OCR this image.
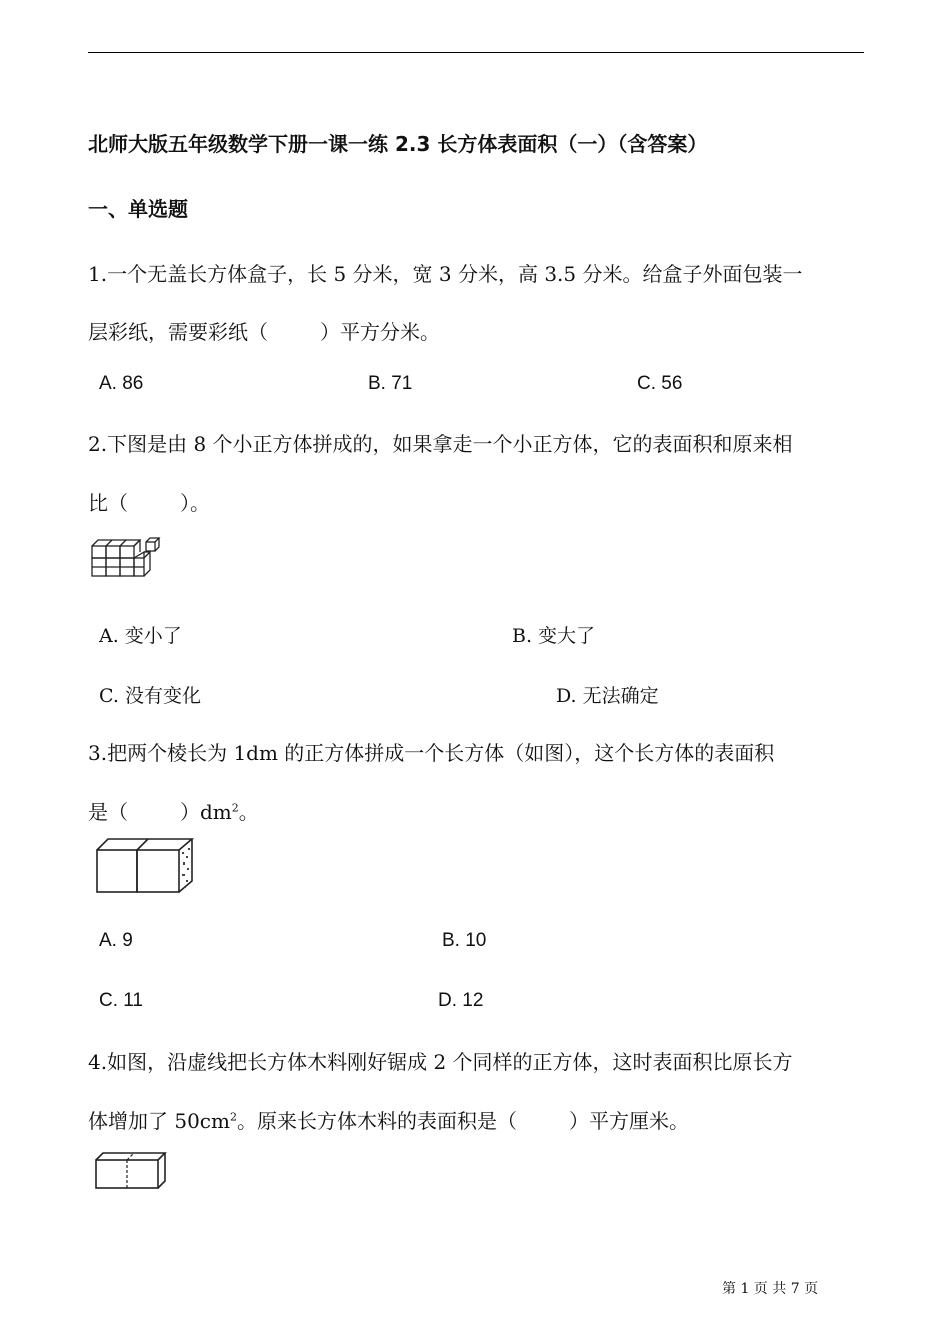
北师大版五年级数学下册一课一练 2.3 长方体表面积（一）（含答案）
一、单选题
1.一个无盖长方体盒子，长 5 分米，宽 3 分米，高 3.5 分米。给盒子外面包装一
层彩纸，需要彩纸（	）平方分米。
A. 86	B. 71	C. 56
2.下图是由 8 个小正方体拼成的，如果拿走一个小正方体，它的表面积和原来相
比（	）。
A. 变小了	B. 变大了
C. 没有变化	D. 无法确定
3.把两个棱长为 1dm 的正方体拼成一个长方体（如图），这个长方体的表面积
是（	）$dm^2$。
A. 9	B. 10
C. 11	D. 12
4.如图，沿虚线把长方体木料刚好锯成 2 个同样的正方体，这时表面积比原长方
体增加了 $50cm^2$。原来长方体木料的表面积是（	）平方厘米。
第 1 页 共 7 页
